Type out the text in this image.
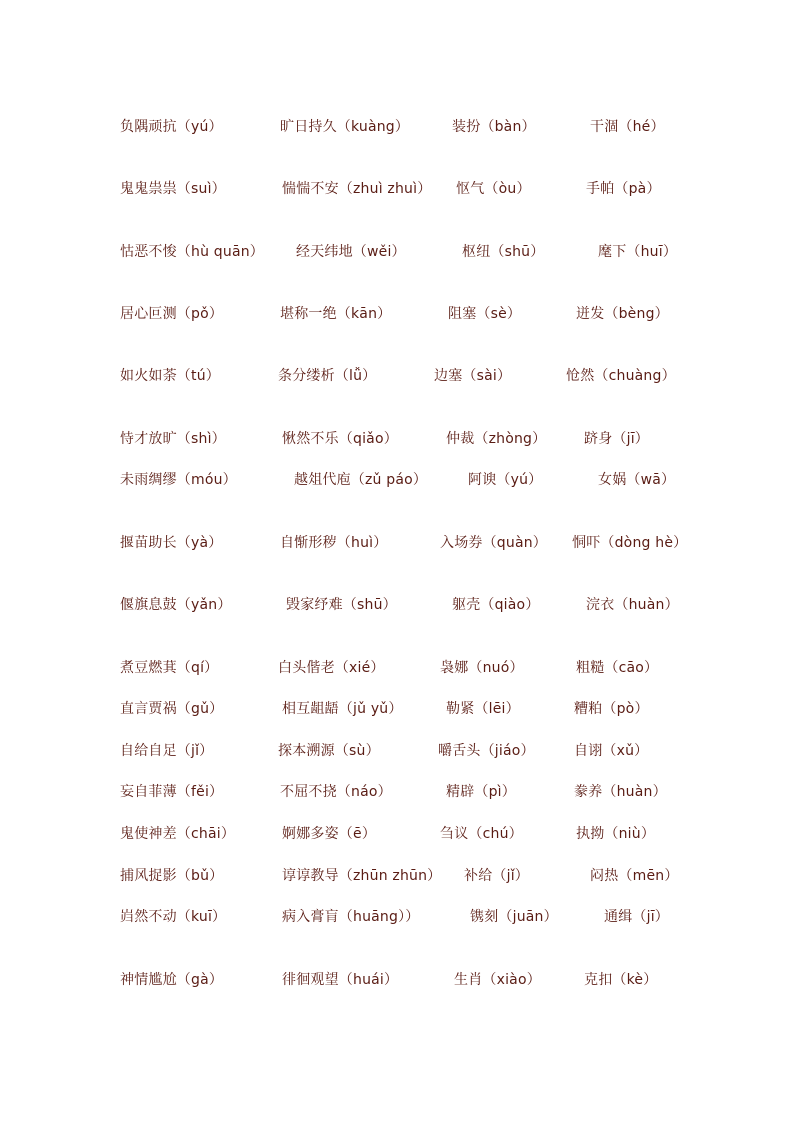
负隅顽抗（yú）	旷日持久（kuàng）	装扮（bàn）	干涸（hé）
鬼鬼祟祟（suì）	惴惴不安（zhuì zhuì） 怄气（òu）	手帕（pà）
怙恶不悛（hù quān） 经天纬地（wěi）	枢纽（shū）	麾下（huī）
居心叵测（pǒ）	堪称一绝（kān）	阻塞（sè）	迸发（bèng）
如火如荼（tú）	条分缕析（lǚ）	边塞（sài）	怆然（chuàng）
恃才放旷（shì）	愀然不乐（qiǎo）	仲裁（zhòng）	跻身（jī）
未雨绸缪（móu）	越俎代庖（zǔ páo）	阿谀（yú）	女娲（wā）
揠苗助长（yà）	自惭形秽（huì）	入场券（quàn） 恫吓（dòng hè）
偃旗息鼓（yǎn）	毁家纾难（shū）	躯壳（qiào）	浣衣（huàn）
煮豆燃萁（qí）	白头偕老（xié）	袅娜（nuó）	粗糙（cāo）
直言贾祸（gǔ）	相互龃龉（jǔ yǔ）	勒紧（lēi）	糟粕（pò）
自给自足（jǐ）	探本溯源（sù）	嚼舌头（jiáo）	自诩（xǔ）
妄自菲薄（fěi）	不屈不挠（náo）	精辟（pì）	豢养（huàn）
鬼使神差（chāi）	婀娜多姿（ē）	刍议（chú）	执拗（niù）
捕风捉影（bǔ）	谆谆教导（zhūn zhūn） 补给（jǐ）	闷热（mēn）
岿然不动（kuī）	病入膏肓（huāng））	镌刻（juān）	通缉（jī）
神情尴尬（gà）	徘徊观望（huái）	生肖（xiào）	克扣（kè）
